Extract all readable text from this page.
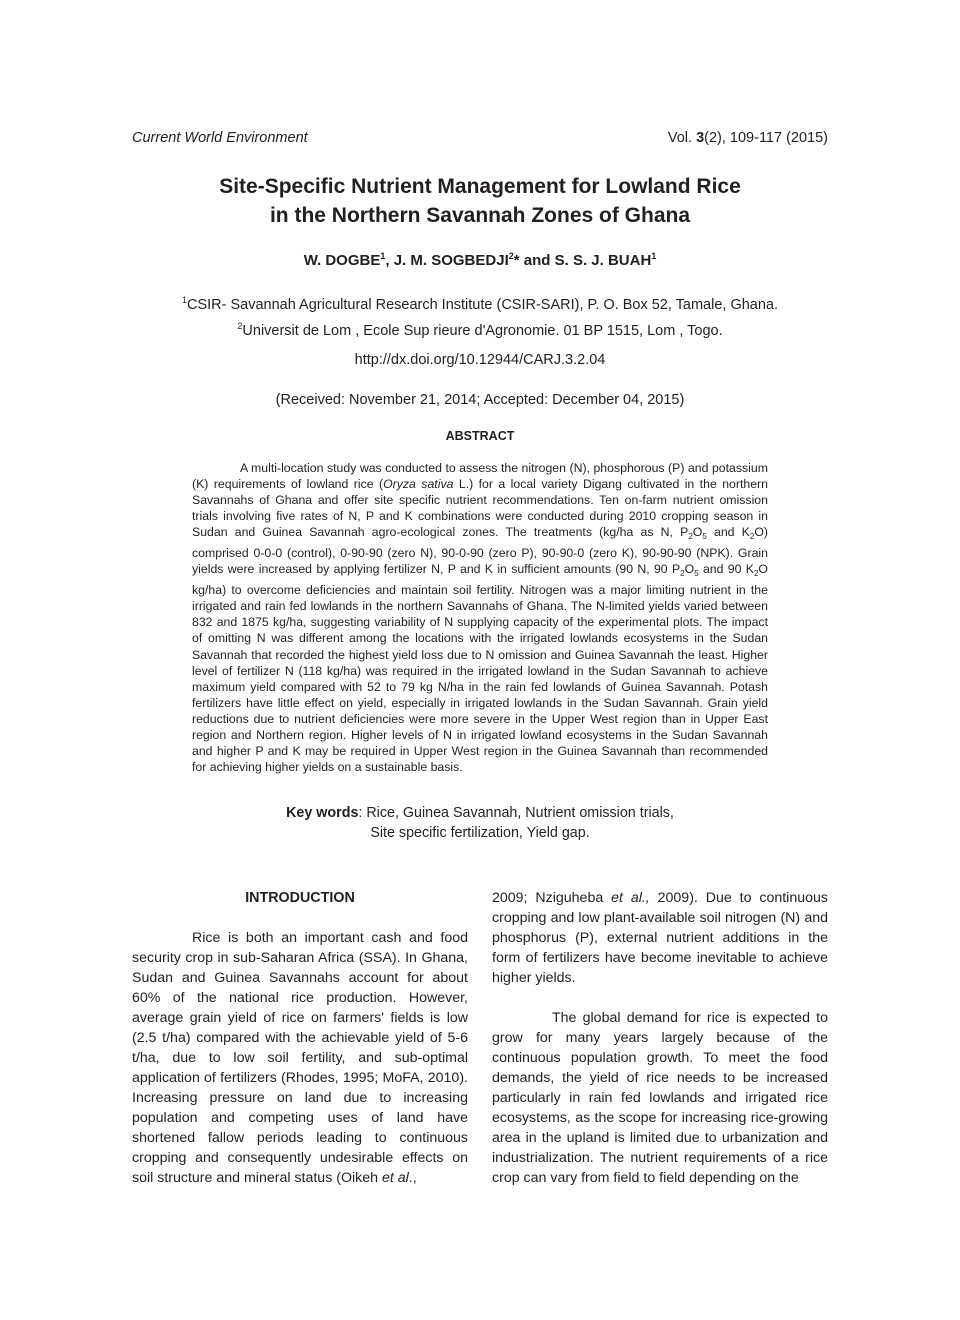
Current World Environment	Vol. 3(2), 109-117 (2015)
Site-Specific Nutrient Management for Lowland Rice
in the Northern Savannah Zones of Ghana
W. DOGBE$^1$, J. M. SOGBEDJI$^2$* and S. S. J. BUAH$^1$
$^1$CSIR- Savannah Agricultural Research Institute (CSIR-SARI), P. O. Box 52, Tamale, Ghana.
$^2$Universit de Lom , Ecole Sup rieure d'Agronomie. 01 BP 1515, Lom , Togo.
http://dx.doi.org/10.12944/CARJ.3.2.04
(Received: November 21, 2014; Accepted: December 04, 2015)
ABSTRACT
A multi-location study was conducted to assess the nitrogen (N), phosphorous (P) and potassium (K) requirements of lowland rice (Oryza sativa L.) for a local variety Digang cultivated in the northern Savannahs of Ghana and offer site specific nutrient recommendations. Ten on-farm nutrient omission trials involving five rates of N, P and K combinations were conducted during 2010 cropping season in Sudan and Guinea Savannah agro-ecological zones. The treatments (kg/ha as N, $P_2O_5$ and $K_2O$) comprised 0-0-0 (control), 0-90-90 (zero N), 90-0-90 (zero P), 90-90-0 (zero K), 90-90-90 (NPK). Grain yields were increased by applying fertilizer N, P and K in sufficient amounts (90 N, 90 $P_2O_5$ and 90 $K_2O$ kg/ha) to overcome deficiencies and maintain soil fertility. Nitrogen was a major limiting nutrient in the irrigated and rain fed lowlands in the northern Savannahs of Ghana. The N-limited yields varied between 832 and 1875 kg/ha, suggesting variability of N supplying capacity of the experimental plots. The impact of omitting N was different among the locations with the irrigated lowlands ecosystems in the Sudan Savannah that recorded the highest yield loss due to N omission and Guinea Savannah the least. Higher level of fertilizer N (118 kg/ha) was required in the irrigated lowland in the Sudan Savannah to achieve maximum yield compared with 52 to 79 kg N/ha in the rain fed lowlands of Guinea Savannah. Potash fertilizers have little effect on yield, especially in irrigated lowlands in the Sudan Savannah. Grain yield reductions due to nutrient deficiencies were more severe in the Upper West region than in Upper East region and Northern region. Higher levels of N in irrigated lowland ecosystems in the Sudan Savannah and higher P and K may be required in Upper West region in the Guinea Savannah than recommended for achieving higher yields on a sustainable basis.
Key words: Rice, Guinea Savannah, Nutrient omission trials,
Site specific fertilization, Yield gap.
INTRODUCTION

Rice is both an important cash and food security crop in sub-Saharan Africa (SSA). In Ghana, Sudan and Guinea Savannahs account for about 60% of the national rice production. However, average grain yield of rice on farmers' fields is low (2.5 t/ha) compared with the achievable yield of 5-6 t/ha, due to low soil fertility, and sub-optimal application of fertilizers (Rhodes, 1995; MoFA, 2010). Increasing pressure on land due to increasing population and competing uses of land have shortened fallow periods leading to continuous cropping and consequently undesirable effects on soil structure and mineral status (Oikeh et al.,

2009; Nziguheba et al., 2009). Due to continuous cropping and low plant-available soil nitrogen (N) and phosphorus (P), external nutrient additions in the form of fertilizers have become inevitable to achieve higher yields.

The global demand for rice is expected to grow for many years largely because of the continuous population growth. To meet the food demands, the yield of rice needs to be increased particularly in rain fed lowlands and irrigated rice ecosystems, as the scope for increasing rice-growing area in the upland is limited due to urbanization and industrialization. The nutrient requirements of a rice crop can vary from field to field depending on the
